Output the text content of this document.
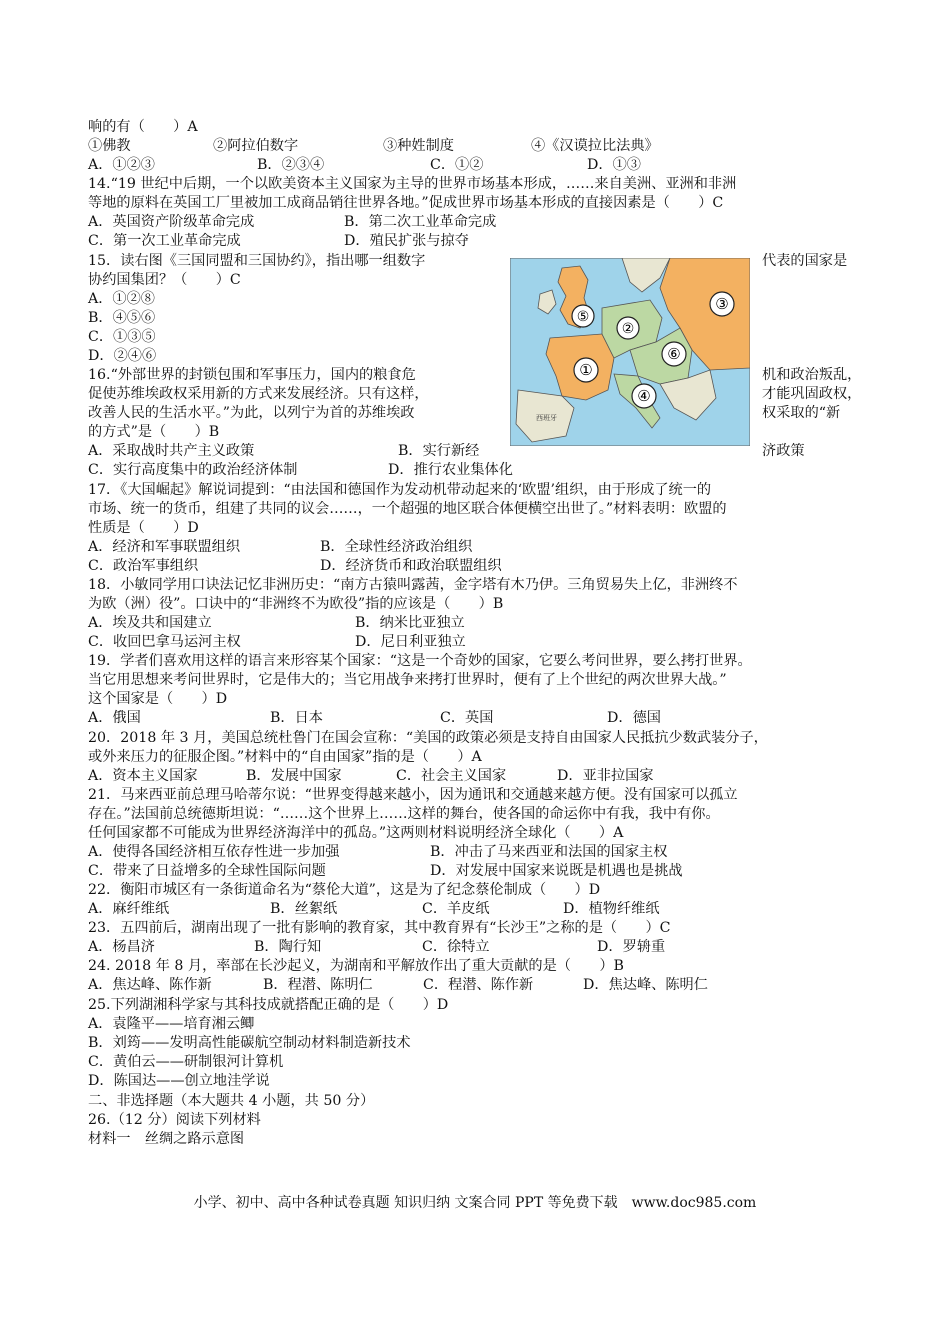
响的有（　　）A
①佛教	②阿拉伯数字	③种姓制度	④《汉谟拉比法典》
A．①②③	B．②③④	C．①②	D．①③
14.“19 世纪中后期，一个以欧美资本主义国家为主导的世界市场基本形成，……来自美洲、亚洲和非洲
等地的原料在英国工厂里被加工成商品销往世界各地。”促成世界市场基本形成的直接因素是（　　）C
A．英国资产阶级革命完成	B．第二次工业革命完成
C．第一次工业革命完成	D．殖民扩张与掠夺
15．读右图《三国同盟和三国协约》，指出哪一组数字	代表的国家是
协约国集团？（　　）C
A．①②⑧
B．④⑤⑥
C．①③⑤
D．②④⑥
西班牙
⑤
②
③
①
⑥
④
16.“外部世界的封锁包围和军事压力，国内的粮食危	机和政治叛乱，
促使苏维埃政权采用新的方式来发展经济。只有这样，	才能巩固政权，
改善人民的生活水平。”为此，以列宁为首的苏维埃政	权采取的“新
的方式”是（　　）B
A．采取战时共产主义政策	B．实行新经	济政策
C．实行高度集中的政治经济体制	D．推行农业集体化
17．《大国崛起》解说词提到：“由法国和德国作为发动机带动起来的‘欧盟’组织，由于形成了统一的
市场、统一的货币，组建了共同的议会……，一个超强的地区联合体便横空出世了。”材料表明：欧盟的
性质是（　　）D
A．经济和军事联盟组织	B．全球性经济政治组织
C．政治军事组织	D．经济货币和政治联盟组织
18．小敏同学用口诀法记忆非洲历史：“南方古猿叫露茜，金字塔有木乃伊。三角贸易失上亿，非洲终不
为欧（洲）役”。口诀中的“非洲终不为欧役”指的应该是（　　）B
A．埃及共和国建立	B．纳米比亚独立
C．收回巴拿马运河主权	D．尼日利亚独立
19．学者们喜欢用这样的语言来形容某个国家：“这是一个奇妙的国家，它要么考问世界，要么拷打世界。
当它用思想来考问世界时，它是伟大的；当它用战争来拷打世界时，便有了上个世纪的两次世界大战。”
这个国家是（　　）D
A．俄国	B．日本	C．英国	D．德国
20．2018 年 3 月，美国总统杜鲁门在国会宣称：“美国的政策必须是支持自由国家人民抵抗少数武装分子，
或外来压力的征服企图。”材料中的“自由国家”指的是（　　）A
A．资本主义国家	B．发展中国家	C．社会主义国家	D．亚非拉国家
21．马来西亚前总理马哈蒂尔说：“世界变得越来越小，因为通讯和交通越来越方便。没有国家可以孤立
存在。”法国前总统德斯坦说：“……这个世界上……这样的舞台，使各国的命运你中有我，我中有你。
任何国家都不可能成为世界经济海洋中的孤岛。”这两则材料说明经济全球化（　　）A
A．使得各国经济相互依存性进一步加强	B．冲击了马来西亚和法国的国家主权
C．带来了日益增多的全球性国际问题	D．对发展中国家来说既是机遇也是挑战
22．衡阳市城区有一条街道命名为“蔡伦大道”，这是为了纪念蔡伦制成（　　）D
A．麻纤维纸	B．丝絮纸	C．羊皮纸	D．植物纤维纸
23．五四前后，湖南出现了一批有影响的教育家，其中教育界有“长沙王”之称的是（　　）C
A．杨昌济	B．陶行知	C．徐特立	D．罗辀重
24. 2018 年 8 月，率部在长沙起义，为湖南和平解放作出了重大贡献的是（　　）B
A．焦达峰、陈作新	B．程潜、陈明仁	C．程潜、陈作新	D．焦达峰、陈明仁
25.下列湖湘科学家与其科技成就搭配正确的是（　　）D
A．袁隆平——培育湘云鲫
B．刘筠——发明高性能碳航空制动材料制造新技术
C．黄伯云——研制银河计算机
D．陈国达——创立地洼学说
二、非选择题（本大题共 4 小题，共 50 分）
26.（12 分）阅读下列材料
材料一　丝绸之路示意图
小学、初中、高中各种试卷真题 知识归纳 文案合同 PPT 等免费下载　www.doc985.com
